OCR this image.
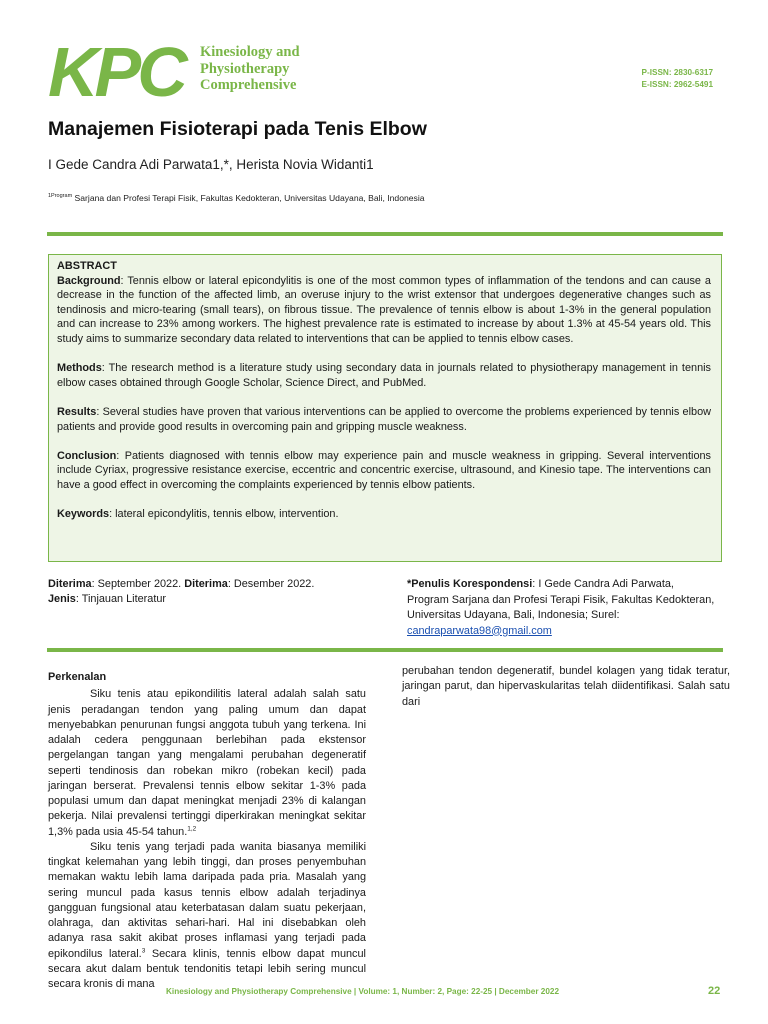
KPC	Kinesiology and
Physiotherapy
Comprehensive
P-ISSN: 2830-6317
E-ISSN: 2962-5491
Manajemen Fisioterapi pada Tenis Elbow
I Gede Candra Adi Parwata1,*, Herista Novia Widanti1
$^{1Program}$ Sarjana dan Profesi Terapi Fisik, Fakultas Kedokteran, Universitas Udayana, Bali, Indonesia

ABSTRACT

Background: Tennis elbow or lateral epicondylitis is one of the most common types of inflammation of the tendons and can cause a decrease in the function of the affected limb, an overuse injury to the wrist extensor that undergoes degenerative changes such as tendinosis and micro-tearing (small tears), on fibrous tissue. The prevalence of tennis elbow is about 1-3% in the general population and can increase to 23% among workers. The highest prevalence rate is estimated to increase by about 1.3% at 45-54 years old. This study aims to summarize secondary data related to interventions that can be applied to tennis elbow cases.

Methods: The research method is a literature study using secondary data in journals related to physiotherapy management in tennis elbow cases obtained through Google Scholar, Science Direct, and PubMed.

Results: Several studies have proven that various interventions can be applied to overcome the problems experienced by tennis elbow patients and provide good results in overcoming pain and gripping muscle weakness.

Conclusion: Patients diagnosed with tennis elbow may experience pain and muscle weakness in gripping. Several interventions include Cyriax, progressive resistance exercise, eccentric and concentric exercise, ultrasound, and Kinesio tape. The interventions can have a good effect in overcoming the complaints experienced by tennis elbow patients.

Keywords: lateral epicondylitis, tennis elbow, intervention.

Diterima: September 2022. Diterima: Desember 2022.
Jenis: Tinjauan Literatur
*Penulis Korespondensi: I Gede Candra Adi Parwata, Program Sarjana dan Profesi Terapi Fisik, Fakultas Kedokteran, Universitas Udayana, Bali, Indonesia; Surel: candraparwata98@gmail.com

Perkenalan

Siku tenis atau epikondilitis lateral adalah salah satu jenis peradangan tendon yang paling umum dan dapat menyebabkan penurunan fungsi anggota tubuh yang terkena. Ini adalah cedera penggunaan berlebihan pada ekstensor pergelangan tangan yang mengalami perubahan degeneratif seperti tendinosis dan robekan mikro (robekan kecil) pada jaringan berserat. Prevalensi tennis elbow sekitar 1-3% pada populasi umum dan dapat meningkat menjadi 23% di kalangan pekerja. Nilai prevalensi tertinggi diperkirakan meningkat sekitar 1,3% pada usia 45-54 tahun.$^{1,2}$

Siku tenis yang terjadi pada wanita biasanya memiliki tingkat kelemahan yang lebih tinggi, dan proses penyembuhan memakan waktu lebih lama daripada pada pria. Masalah yang sering muncul pada kasus tennis elbow adalah terjadinya gangguan fungsional atau keterbatasan dalam suatu pekerjaan, olahraga, dan aktivitas sehari-hari. Hal ini disebabkan oleh adanya rasa sakit akibat proses inflamasi yang terjadi pada epikondilus lateral.$^3$ Secara klinis, tennis elbow dapat muncul secara akut dalam bentuk tendonitis tetapi lebih sering muncul secara kronis di mana

perubahan tendon degeneratif, bundel kolagen yang tidak teratur, jaringan parut, dan hipervaskularitas telah diidentifikasi. Salah satu dari

Kinesiology and Physiotherapy Comprehensive | Volume: 1, Number: 2, Page: 22-25 | December 2022	22
